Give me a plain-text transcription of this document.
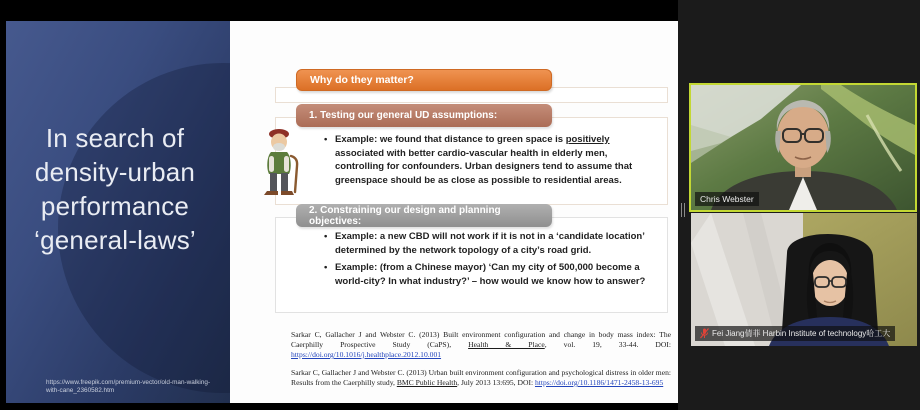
In search of
density-urban
performance
‘general-laws’
https://www.freepik.com/premium-vector/old-man-walking-with-cane_2360582.htm
Why do they matter?
• Example: we found that distance to green space is positively associated with better cardio-vascular health in elderly men, controlling for confounders. Urban designers tend to assume that greenspace should be as close as possible to residential areas.
1. Testing our general UD assumptions:
• Example: a new CBD will not work if it is not in a ‘candidate location’ determined by the network topology of a city’s road grid.
• Example: (from a Chinese mayor) ‘Can my city of 500,000 become a world-city? In what industry?’ – how would we know how to answer?
2. Constraining our design and planning objectives:

Sarkar C, Gallacher J and Webster C. (2013) Built environment configuration and change in body mass index: The Caerphilly Prospective Study (CaPS), Health & Place, vol. 19, 33-44. DOI: https://doi.org/10.1016/j.healthplace.2012.10.001

Sarkar C, Gallacher J and Webster C. (2013) Urban built environment configuration and psychological distress in older men: Results from the Caerphilly study, BMC Public Health, July 2013 13:695, DOI: https://doi.org/10.1186/1471-2458-13-695

Chris Webster
Fei Jiang倩菲 Harbin Institute of technology哈工大
